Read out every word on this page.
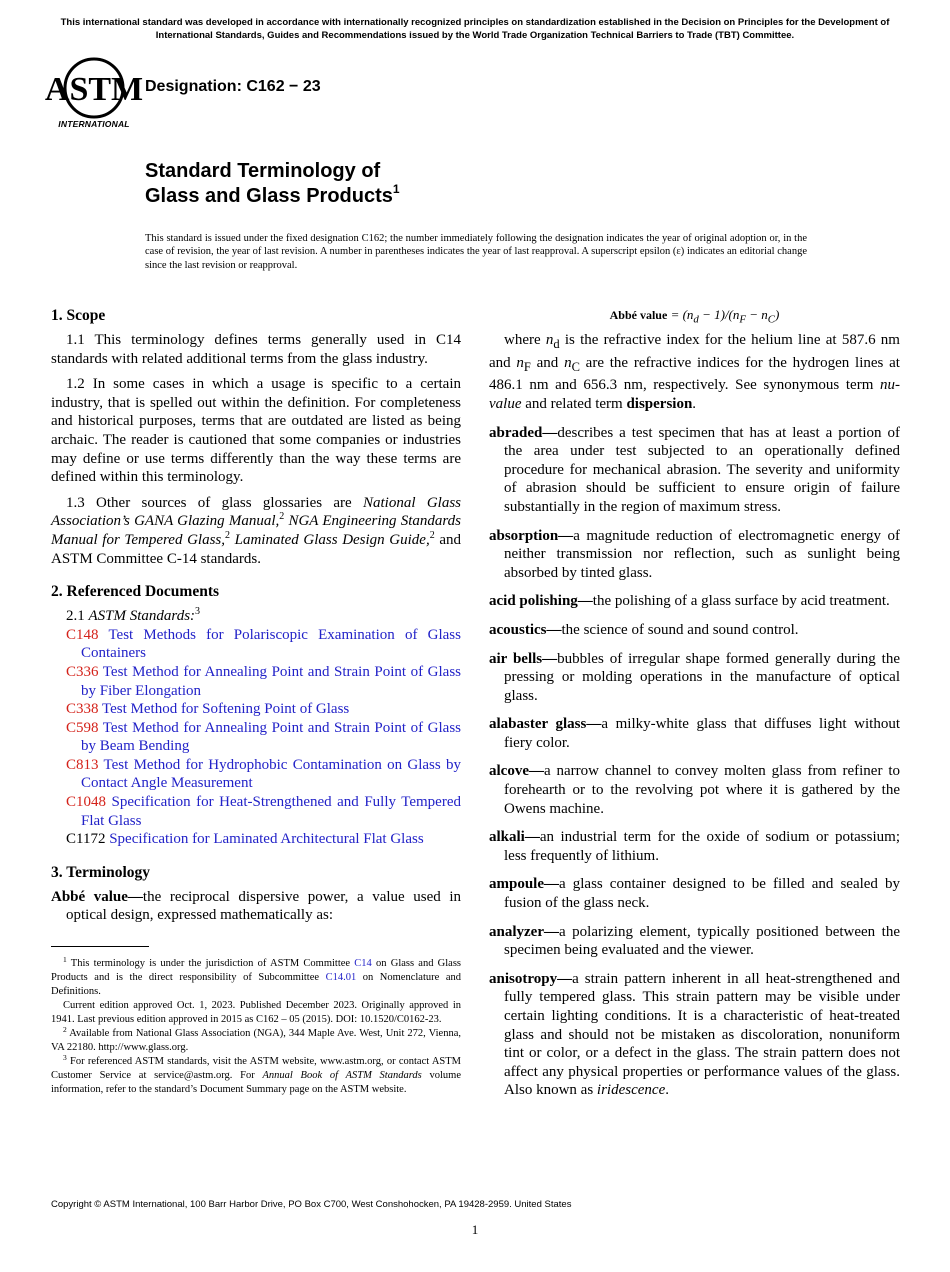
This international standard was developed in accordance with internationally recognized principles on standardization established in the Decision on Principles for the Development of International Standards, Guides and Recommendations issued by the World Trade Organization Technical Barriers to Trade (TBT) Committee.
ASTM
INTERNATIONAL
Designation: C162 − 23
Standard Terminology of
Glass and Glass Products$^1$
This standard is issued under the fixed designation C162; the number immediately following the designation indicates the year of original adoption or, in the case of revision, the year of last revision. A number in parentheses indicates the year of last reapproval. A superscript epsilon (ε) indicates an editorial change since the last revision or reapproval.
1. Scope

1.1 This terminology defines terms generally used in C14 standards with related additional terms from the glass industry.

1.2 In some cases in which a usage is specific to a certain industry, that is spelled out within the definition. For completeness and historical purposes, terms that are outdated are listed as being archaic. The reader is cautioned that some companies or industries may define or use terms differently than the way these terms are defined within this terminology.

1.3 Other sources of glass glossaries are National Glass Association’s GANA Glazing Manual,$^2$ NGA Engineering Standards Manual for Tempered Glass,$^2$ Laminated Glass Design Guide,$^2$ and ASTM Committee C-14 standards.

2. Referenced Documents

2.1 ASTM Standards:$^3$

C148 Test Methods for Polariscopic Examination of Glass Containers
C336 Test Method for Annealing Point and Strain Point of Glass by Fiber Elongation
C338 Test Method for Softening Point of Glass
C598 Test Method for Annealing Point and Strain Point of Glass by Beam Bending
C813 Test Method for Hydrophobic Contamination on Glass by Contact Angle Measurement
C1048 Specification for Heat-Strengthened and Fully Tempered Flat Glass
C1172 Specification for Laminated Architectural Flat Glass
3. Terminology

Abbé value—the reciprocal dispersive power, a value used in optical design, expressed mathematically as:

$^1$ This terminology is under the jurisdiction of ASTM Committee C14 on Glass and Glass Products and is the direct responsibility of Subcommittee C14.01 on Nomenclature and Definitions.

Current edition approved Oct. 1, 2023. Published December 2023. Originally approved in 1941. Last previous edition approved in 2015 as C162 – 05 (2015). DOI: 10.1520/C0162-23.

$^2$ Available from National Glass Association (NGA), 344 Maple Ave. West, Unit 272, Vienna, VA 22180. http://www.glass.org.

$^3$ For referenced ASTM standards, visit the ASTM website, www.astm.org, or contact ASTM Customer Service at service@astm.org. For Annual Book of ASTM Standards volume information, refer to the standard’s Document Summary page on the ASTM website.

Abbé value = $(n_d - 1)/(n_F - n_C)$

where $n_d$ is the refractive index for the helium line at 587.6 nm and $n_F$ and $n_C$ are the refractive indices for the hydrogen lines at 486.1 nm and 656.3 nm, respectively. See synonymous term nu-value and related term dispersion.

abraded—describes a test specimen that has at least a portion of the area under test subjected to an operationally defined procedure for mechanical abrasion. The severity and uniformity of abrasion should be sufficient to ensure origin of failure substantially in the region of maximum stress.

absorption—a magnitude reduction of electromagnetic energy of neither transmission nor reflection, such as sunlight being absorbed by tinted glass.

acid polishing—the polishing of a glass surface by acid treatment.

acoustics—the science of sound and sound control.

air bells—bubbles of irregular shape formed generally during the pressing or molding operations in the manufacture of optical glass.

alabaster glass—a milky-white glass that diffuses light without fiery color.

alcove—a narrow channel to convey molten glass from refiner to forehearth or to the revolving pot where it is gathered by the Owens machine.

alkali—an industrial term for the oxide of sodium or potassium; less frequently of lithium.

ampoule—a glass container designed to be filled and sealed by fusion of the glass neck.

analyzer—a polarizing element, typically positioned between the specimen being evaluated and the viewer.

anisotropy—a strain pattern inherent in all heat-strengthened and fully tempered glass. This strain pattern may be visible under certain lighting conditions. It is a characteristic of heat-treated glass and should not be mistaken as discoloration, nonuniform tint or color, or a defect in the glass. The strain pattern does not affect any physical properties or performance values of the glass. Also known as iridescence.

Copyright © ASTM International, 100 Barr Harbor Drive, PO Box C700, West Conshohocken, PA 19428-2959. United States
1
